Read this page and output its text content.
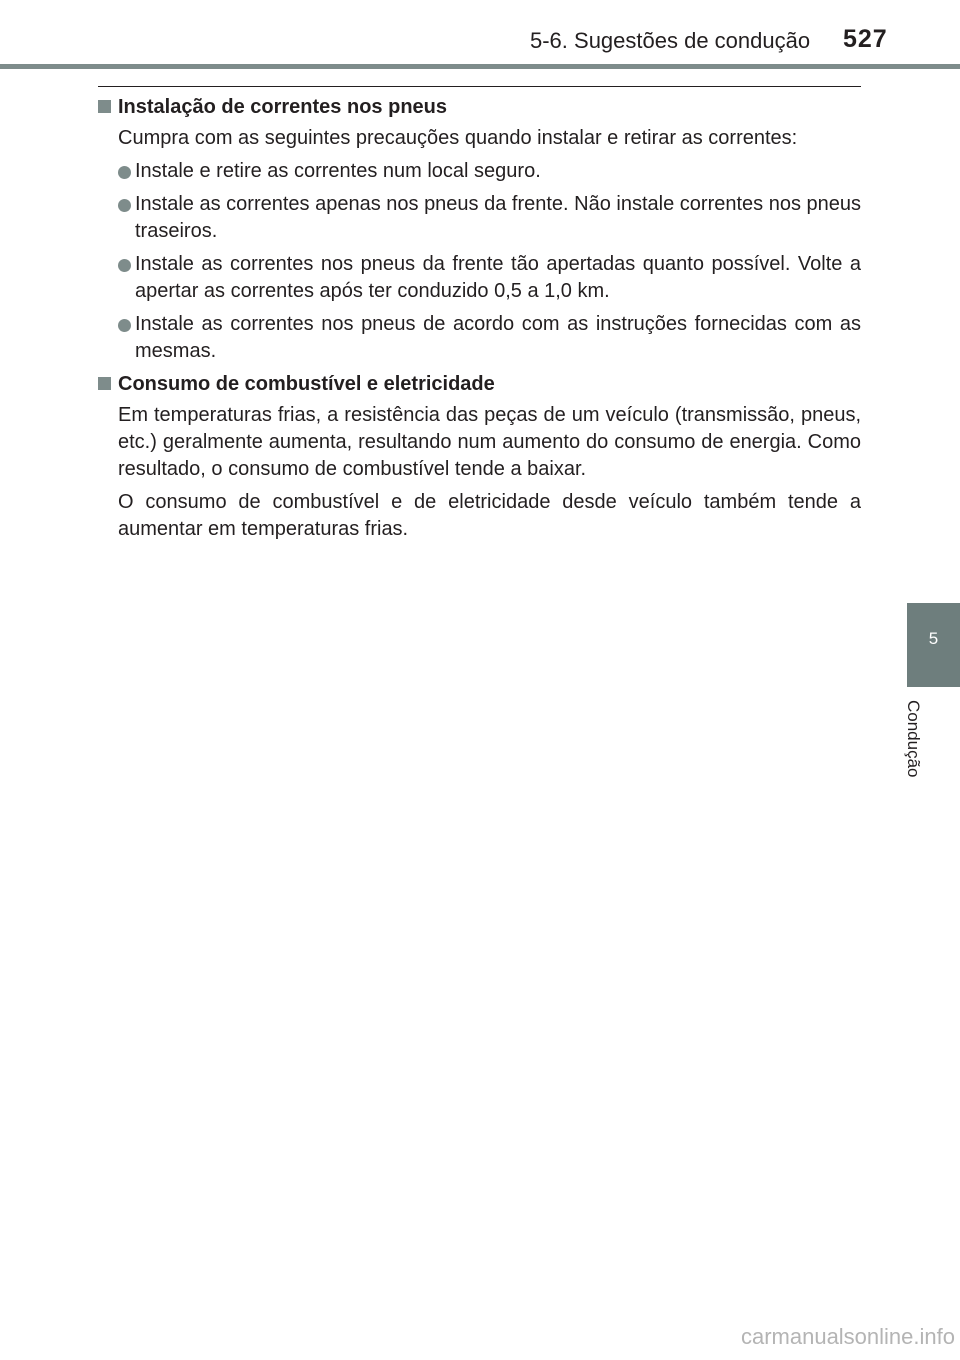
5-6. Sugestões de condução 527
5
Condução
Instalação de correntes nos pneus
Cumpra com as seguintes precauções quando instalar e retirar as correntes:
Instale e retire as correntes num local seguro.
Instale as correntes apenas nos pneus da frente. Não instale correntes nos pneus traseiros.
Instale as correntes nos pneus da frente tão apertadas quanto possível. Volte a apertar as correntes após ter conduzido 0,5 a 1,0 km.
Instale as correntes nos pneus de acordo com as instruções fornecidas com as mesmas.
Consumo de combustível e eletricidade
Em temperaturas frias, a resistência das peças de um veículo (transmissão, pneus, etc.) geralmente aumenta, resultando num aumento do consumo de energia. Como resultado, o consumo de combustível tende a baixar.
O consumo de combustível e de eletricidade desde veículo também tende a aumentar em temperaturas frias.
carmanualsonline.info
